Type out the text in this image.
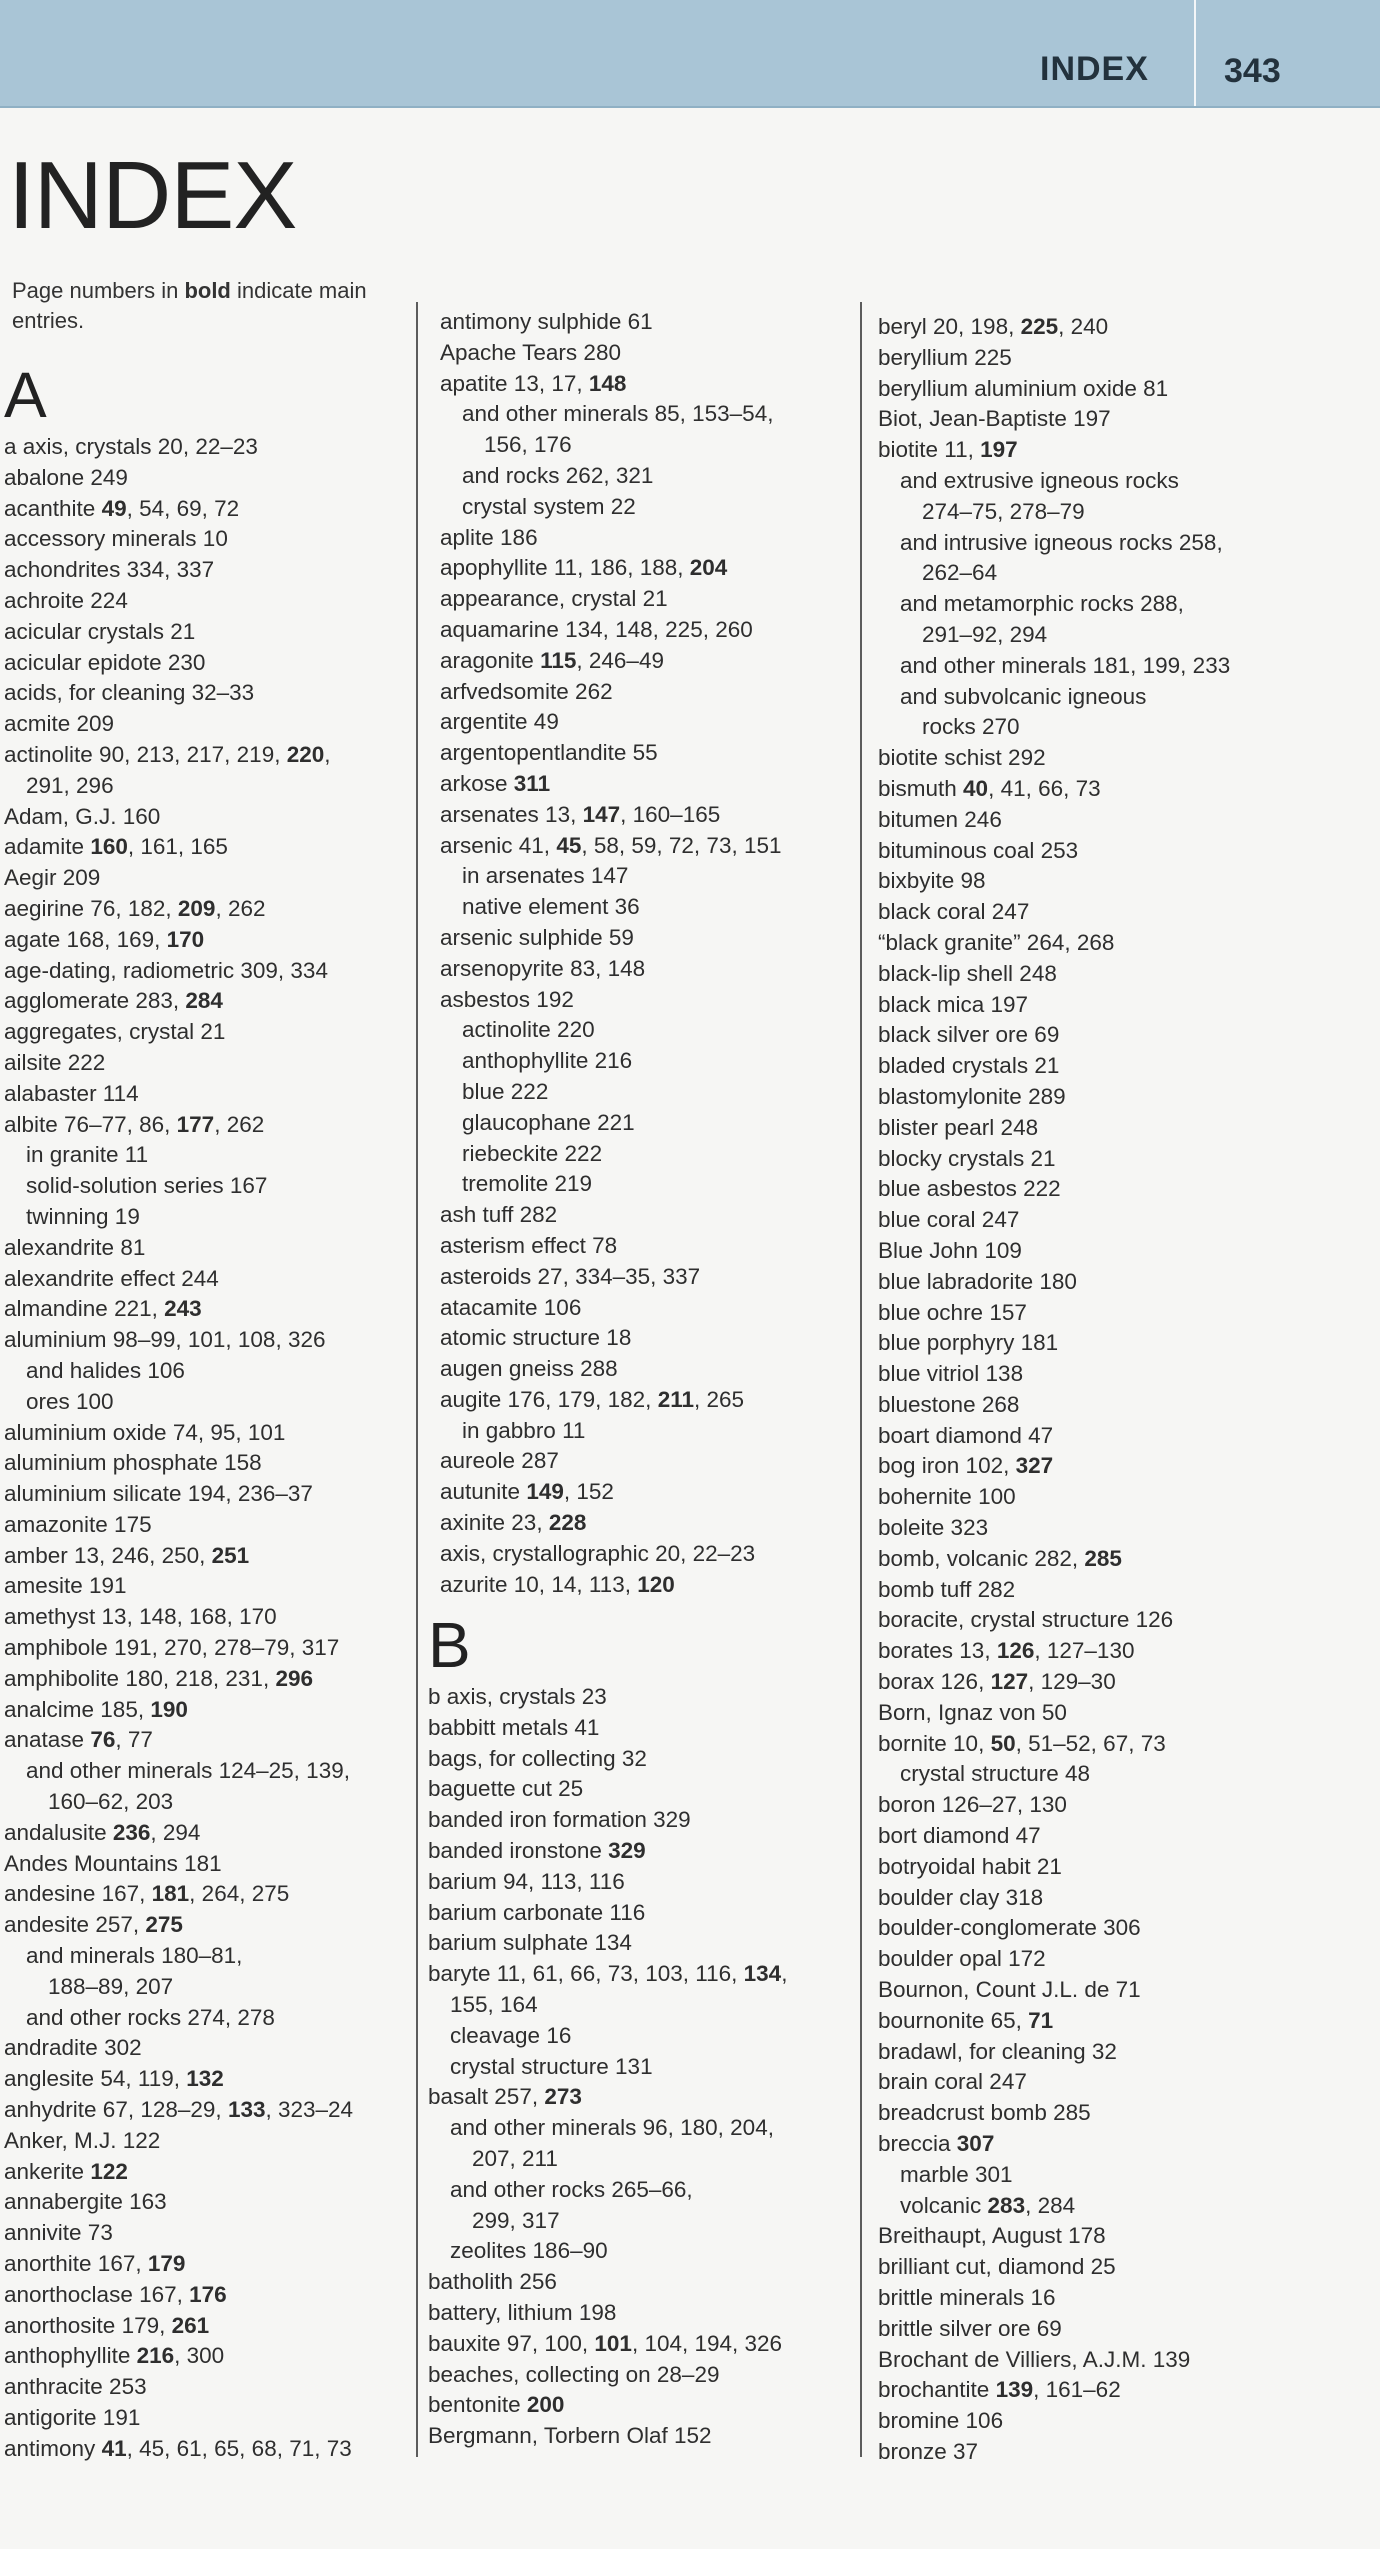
INDEX 343
INDEX
Page numbers in bold indicate main entries.
A
a axis, crystals 20, 22–23
abalone 249
acanthite 49, 54, 69, 72
accessory minerals 10
achondrites 334, 337
achroite 224
acicular crystals 21
acicular epidote 230
acids, for cleaning 32–33
acmite 209
actinolite 90, 213, 217, 219, 220,
291, 296
Adam, G.J. 160
adamite 160, 161, 165
Aegir 209
aegirine 76, 182, 209, 262
agate 168, 169, 170
age-dating, radiometric 309, 334
agglomerate 283, 284
aggregates, crystal 21
ailsite 222
alabaster 114
albite 76–77, 86, 177, 262
in granite 11
solid-solution series 167
twinning 19
alexandrite 81
alexandrite effect 244
almandine 221, 243
aluminium 98–99, 101, 108, 326
and halides 106
ores 100
aluminium oxide 74, 95, 101
aluminium phosphate 158
aluminium silicate 194, 236–37
amazonite 175
amber 13, 246, 250, 251
amesite 191
amethyst 13, 148, 168, 170
amphibole 191, 270, 278–79, 317
amphibolite 180, 218, 231, 296
analcime 185, 190
anatase 76, 77
and other minerals 124–25, 139,
160–62, 203
andalusite 236, 294
Andes Mountains 181
andesine 167, 181, 264, 275
andesite 257, 275
and minerals 180–81,
188–89, 207
and other rocks 274, 278
andradite 302
anglesite 54, 119, 132
anhydrite 67, 128–29, 133, 323–24
Anker, M.J. 122
ankerite 122
annabergite 163
annivite 73
anorthite 167, 179
anorthoclase 167, 176
anorthosite 179, 261
anthophyllite 216, 300
anthracite 253
antigorite 191
antimony 41, 45, 61, 65, 68, 71, 73
antimony sulphide 61
Apache Tears 280
apatite 13, 17, 148
and other minerals 85, 153–54,
156, 176
and rocks 262, 321
crystal system 22
aplite 186
apophyllite 11, 186, 188, 204
appearance, crystal 21
aquamarine 134, 148, 225, 260
aragonite 115, 246–49
arfvedsomite 262
argentite 49
argentopentlandite 55
arkose 311
arsenates 13, 147, 160–165
arsenic 41, 45, 58, 59, 72, 73, 151
in arsenates 147
native element 36
arsenic sulphide 59
arsenopyrite 83, 148
asbestos 192
actinolite 220
anthophyllite 216
blue 222
glaucophane 221
riebeckite 222
tremolite 219
ash tuff 282
asterism effect 78
asteroids 27, 334–35, 337
atacamite 106
atomic structure 18
augen gneiss 288
augite 176, 179, 182, 211, 265
in gabbro 11
aureole 287
autunite 149, 152
axinite 23, 228
axis, crystallographic 20, 22–23
azurite 10, 14, 113, 120
B
b axis, crystals 23
babbitt metals 41
bags, for collecting 32
baguette cut 25
banded iron formation 329
banded ironstone 329
barium 94, 113, 116
barium carbonate 116
barium sulphate 134
baryte 11, 61, 66, 73, 103, 116, 134,
155, 164
cleavage 16
crystal structure 131
basalt 257, 273
and other minerals 96, 180, 204,
207, 211
and other rocks 265–66,
299, 317
zeolites 186–90
batholith 256
battery, lithium 198
bauxite 97, 100, 101, 104, 194, 326
beaches, collecting on 28–29
bentonite 200
Bergmann, Torbern Olaf 152
beryl 20, 198, 225, 240
beryllium 225
beryllium aluminium oxide 81
Biot, Jean-Baptiste 197
biotite 11, 197
and extrusive igneous rocks
274–75, 278–79
and intrusive igneous rocks 258,
262–64
and metamorphic rocks 288,
291–92, 294
and other minerals 181, 199, 233
and subvolcanic igneous
rocks 270
biotite schist 292
bismuth 40, 41, 66, 73
bitumen 246
bituminous coal 253
bixbyite 98
black coral 247
“black granite” 264, 268
black-lip shell 248
black mica 197
black silver ore 69
bladed crystals 21
blastomylonite 289
blister pearl 248
blocky crystals 21
blue asbestos 222
blue coral 247
Blue John 109
blue labradorite 180
blue ochre 157
blue porphyry 181
blue vitriol 138
bluestone 268
boart diamond 47
bog iron 102, 327
bohernite 100
boleite 323
bomb, volcanic 282, 285
bomb tuff 282
boracite, crystal structure 126
borates 13, 126, 127–130
borax 126, 127, 129–30
Born, Ignaz von 50
bornite 10, 50, 51–52, 67, 73
crystal structure 48
boron 126–27, 130
bort diamond 47
botryoidal habit 21
boulder clay 318
boulder-conglomerate 306
boulder opal 172
Bournon, Count J.L. de 71
bournonite 65, 71
bradawl, for cleaning 32
brain coral 247
breadcrust bomb 285
breccia 307
marble 301
volcanic 283, 284
Breithaupt, August 178
brilliant cut, diamond 25
brittle minerals 16
brittle silver ore 69
Brochant de Villiers, A.J.M. 139
brochantite 139, 161–62
bromine 106
bronze 37
